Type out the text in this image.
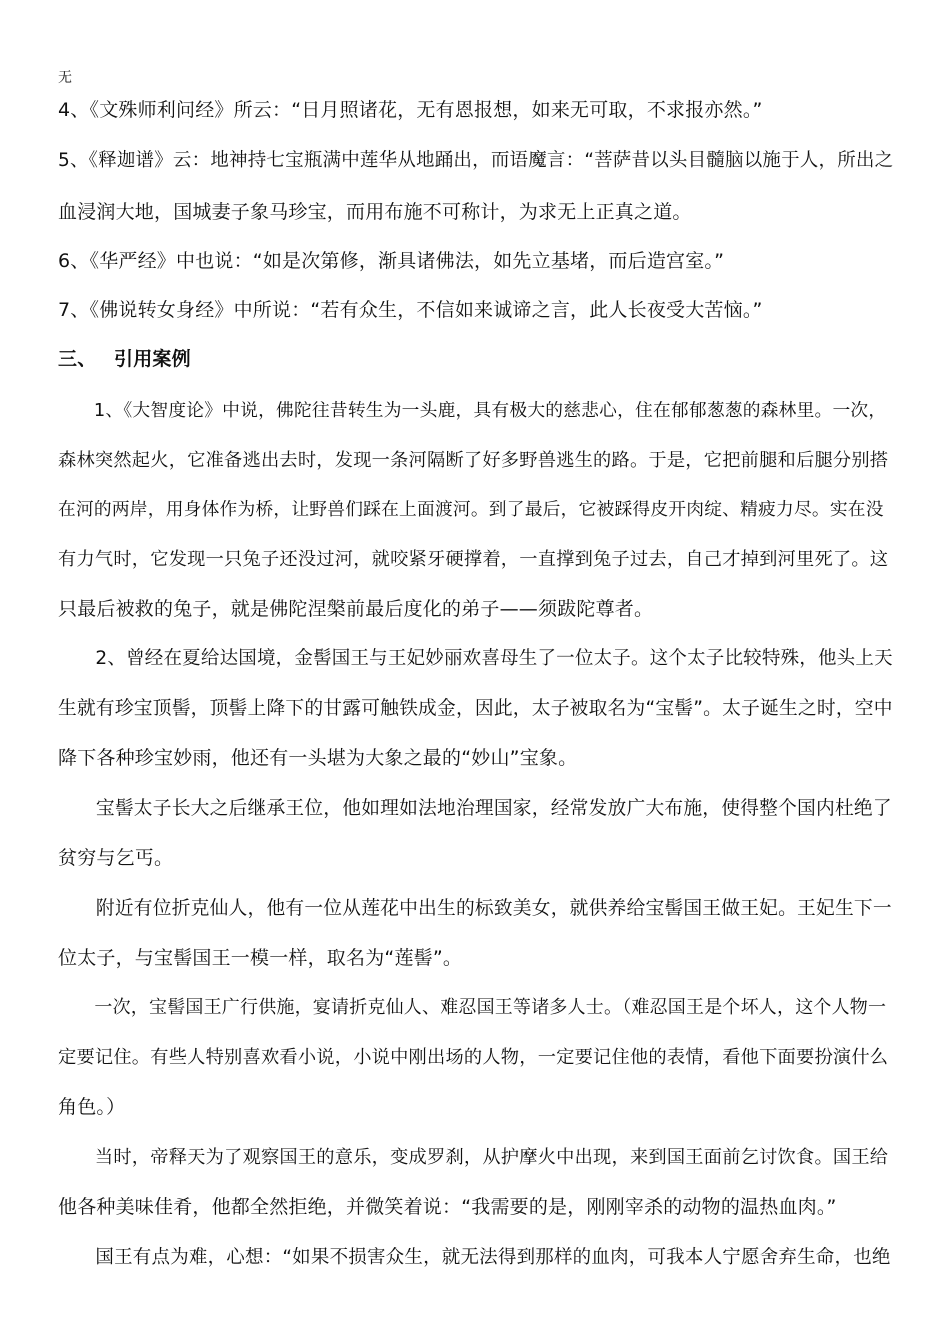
无
4、《文殊师利问经》所云：“日月照诸花，无有恩报想，如来无可取，不求报亦然。”
5、《释迦谱》云：地神持七宝瓶满中莲华从地踊出，而语魔言：“菩萨昔以头目髓脑以施于人，所出之
血浸润大地，国城妻子象马珍宝，而用布施不可称计，为求无上正真之道。
6、《华严经》中也说：“如是次第修，渐具诸佛法，如先立基堵，而后造宫室。”
7、《佛说转女身经》中所说：“若有众生，不信如来诚谛之言，此人长夜受大苦恼。”
三、 引用案例
　　1、《大智度论》中说，佛陀往昔转生为一头鹿，具有极大的慈悲心，住在郁郁葱葱的森林里。一次，
森林突然起火，它准备逃出去时，发现一条河隔断了好多野兽逃生的路。于是，它把前腿和后腿分别搭
在河的两岸，用身体作为桥，让野兽们踩在上面渡河。到了最后，它被踩得皮开肉绽、精疲力尽。实在没
有力气时，它发现一只兔子还没过河，就咬紧牙硬撑着，一直撑到兔子过去，自己才掉到河里死了。这
只最后被救的兔子，就是佛陀涅槃前最后度化的弟子——须跋陀尊者。
　　2、曾经在夏给达国境，金髻国王与王妃妙丽欢喜母生了一位太子。这个太子比较特殊，他头上天
生就有珍宝顶髻，顶髻上降下的甘露可触铁成金，因此，太子被取名为“宝髻”。太子诞生之时，空中
降下各种珍宝妙雨，他还有一头堪为大象之最的“妙山”宝象。
　　宝髻太子长大之后继承王位，他如理如法地治理国家，经常发放广大布施，使得整个国内杜绝了
贫穷与乞丐。
　　附近有位折克仙人，他有一位从莲花中出生的标致美女，就供养给宝髻国王做王妃。王妃生下一
位太子，与宝髻国王一模一样，取名为“莲髻”。
　　一次，宝髻国王广行供施，宴请折克仙人、难忍国王等诸多人士。（难忍国王是个坏人，这个人物一
定要记住。有些人特别喜欢看小说，小说中刚出场的人物，一定要记住他的表情，看他下面要扮演什么
角色。）
　　当时，帝释天为了观察国王的意乐，变成罗刹，从护摩火中出现，来到国王面前乞讨饮食。国王给
他各种美味佳肴，他都全然拒绝，并微笑着说：“我需要的是，刚刚宰杀的动物的温热血肉。”
　　国王有点为难，心想：“如果不损害众生，就无法得到那样的血肉，可我本人宁愿舍弃生命，也绝
